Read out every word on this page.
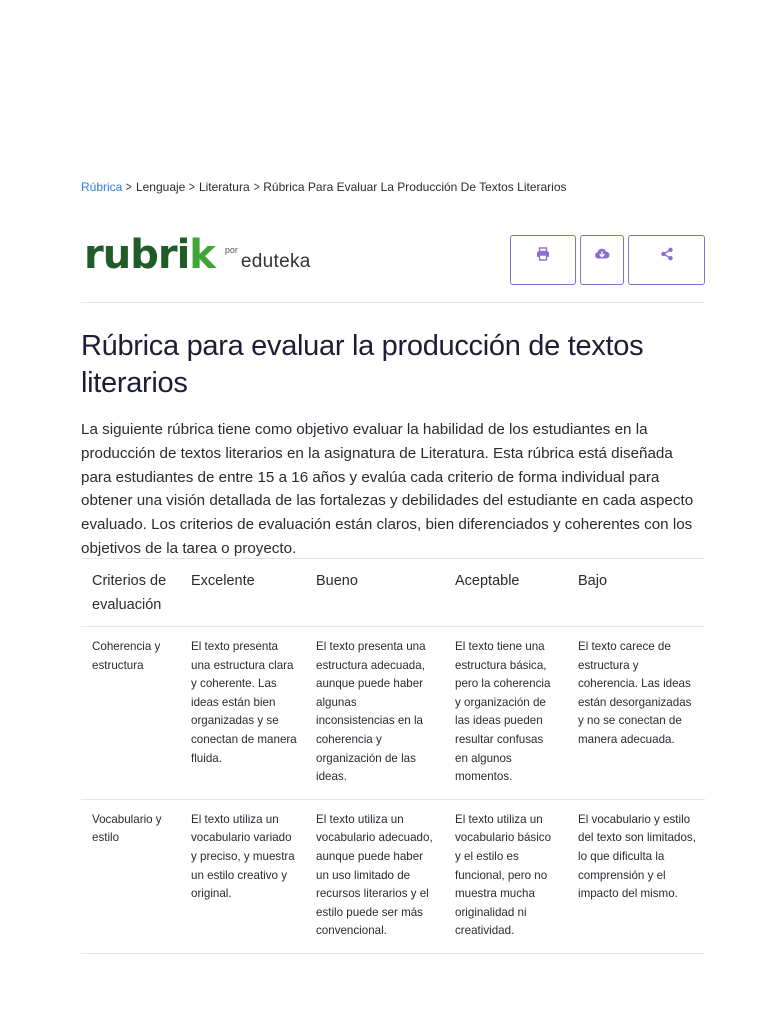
Rúbrica > Lenguaje > Literatura > Rúbrica Para Evaluar La Producción De Textos Literarios
rubrik por
eduteka
Rúbrica para evaluar la producción de textos literarios

La siguiente rúbrica tiene como objetivo evaluar la habilidad de los estudiantes en la producción de textos literarios en la asignatura de Literatura. Esta rúbrica está diseñada para estudiantes de entre 15 a 16 años y evalúa cada criterio de forma individual para obtener una visión detallada de las fortalezas y debilidades del estudiante en cada aspecto evaluado. Los criterios de evaluación están claros, bien diferenciados y coherentes con los objetivos de la tarea o proyecto.

Criterios de evaluación	Excelente	Bueno	Aceptable	Bajo
Coherencia y estructura	El texto presenta una estructura clara y coherente. Las ideas están bien organizadas y se conectan de manera fluida.	El texto presenta una estructura adecuada, aunque puede haber algunas inconsistencias en la coherencia y organización de las ideas.	El texto tiene una estructura básica, pero la coherencia y organización de las ideas pueden resultar confusas en algunos momentos.	El texto carece de estructura y coherencia. Las ideas están desorganizadas y no se conectan de manera adecuada.
Vocabulario y estilo	El texto utiliza un vocabulario variado y preciso, y muestra un estilo creativo y original.	El texto utiliza un vocabulario adecuado, aunque puede haber un uso limitado de recursos literarios y el estilo puede ser más convencional.	El texto utiliza un vocabulario básico y el estilo es funcional, pero no muestra mucha originalidad ni creatividad.	El vocabulario y estilo del texto son limitados, lo que dificulta la comprensión y el impacto del mismo.
